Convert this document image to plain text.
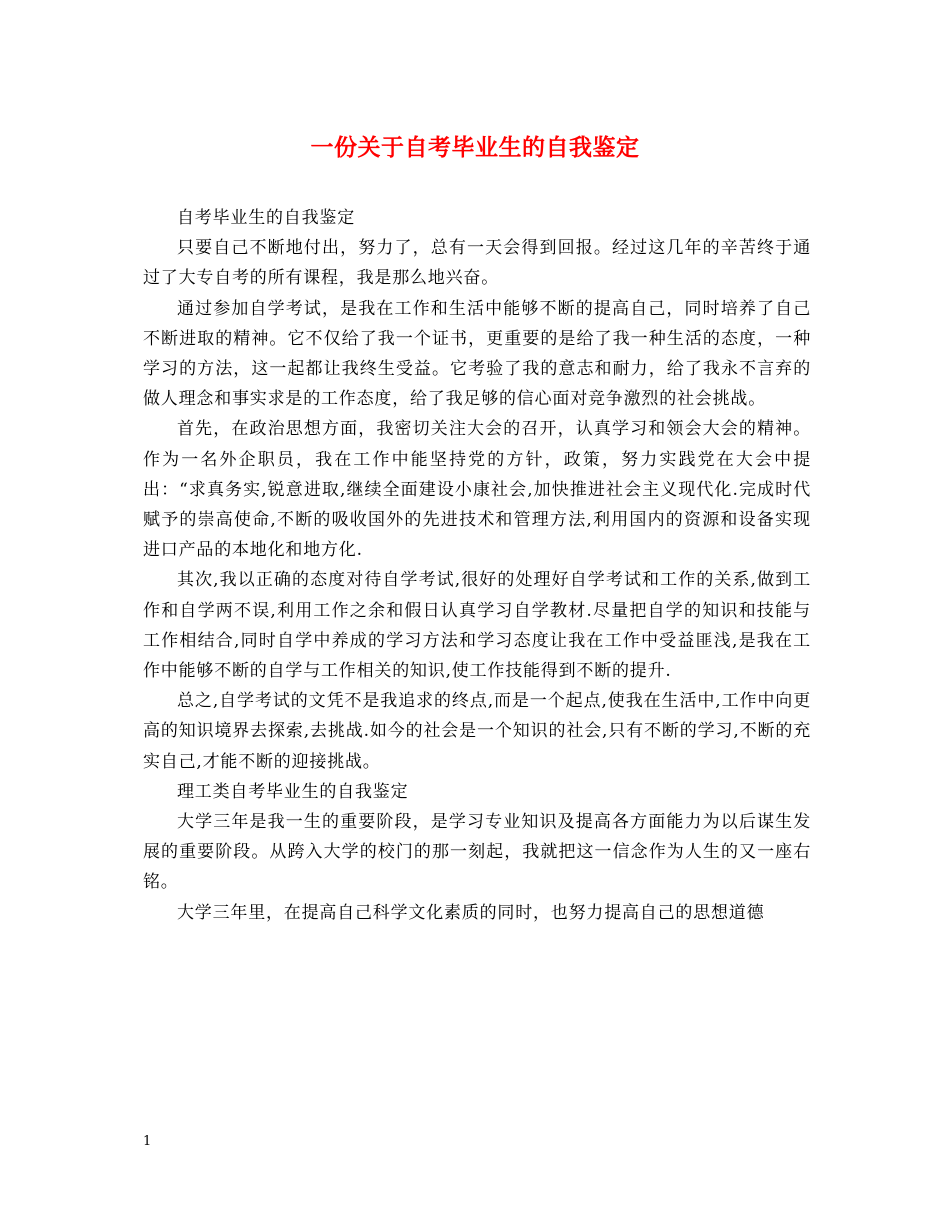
一份关于自考毕业生的自我鉴定

自考毕业生的自我鉴定

只要自己不断地付出，努力了，总有一天会得到回报。经过这几年的辛苦终于通过了大专自考的所有课程，我是那么地兴奋。

通过参加自学考试，是我在工作和生活中能够不断的提高自己，同时培养了自己不断进取的精神。它不仅给了我一个证书，更重要的是给了我一种生活的态度，一种学习的方法，这一起都让我终生受益。它考验了我的意志和耐力，给了我永不言弃的做人理念和事实求是的工作态度，给了我足够的信心面对竞争激烈的社会挑战。

首先，在政治思想方面，我密切关注大会的召开，认真学习和领会大会的精神。作为一名外企职员，我在工作中能坚持党的方针，政策，努力实践党在大会中提出：“求真务实,锐意进取,继续全面建设小康社会,加快推进社会主义现代化.完成时代赋予的崇高使命,不断的吸收国外的先进技术和管理方法,利用国内的资源和设备实现进口产品的本地化和地方化.

其次,我以正确的态度对待自学考试,很好的处理好自学考试和工作的关系,做到工作和自学两不误,利用工作之余和假日认真学习自学教材.尽量把自学的知识和技能与工作相结合,同时自学中养成的学习方法和学习态度让我在工作中受益匪浅,是我在工作中能够不断的自学与工作相关的知识,使工作技能得到不断的提升.

总之,自学考试的文凭不是我追求的终点,而是一个起点,使我在生活中,工作中向更高的知识境界去探索,去挑战.如今的社会是一个知识的社会,只有不断的学习,不断的充实自己,才能不断的迎接挑战。

理工类自考毕业生的自我鉴定

大学三年是我一生的重要阶段，是学习专业知识及提高各方面能力为以后谋生发展的重要阶段。从跨入大学的校门的那一刻起，我就把这一信念作为人生的又一座右铭。

大学三年里，在提高自己科学文化素质的同时，也努力提高自己的思想道德

1
